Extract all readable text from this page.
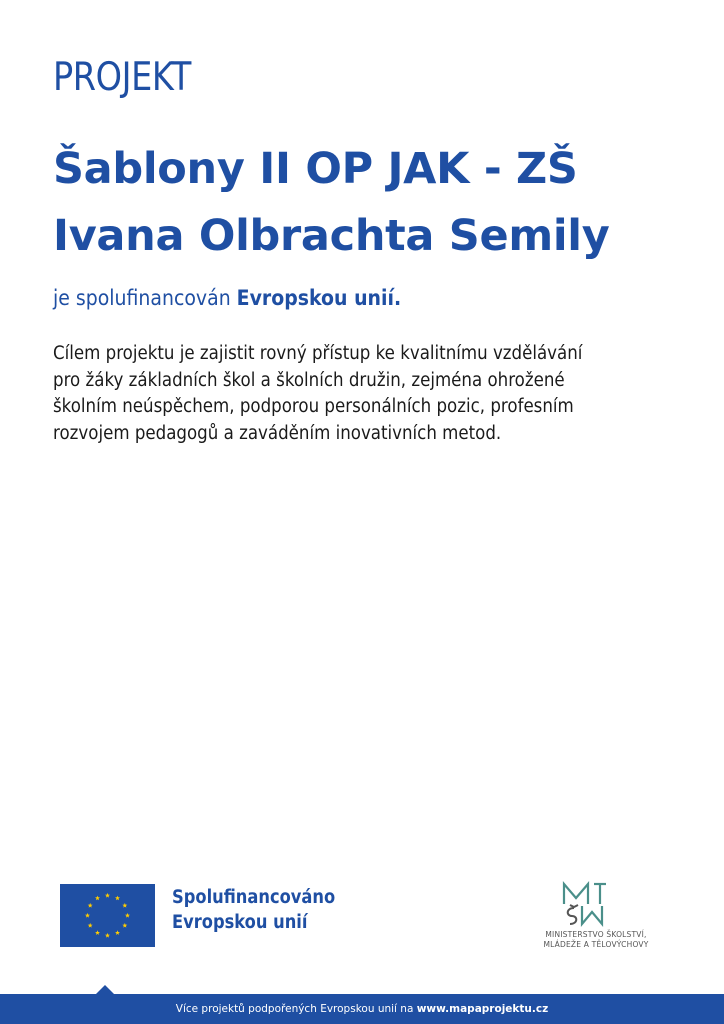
PROJEKT
Šablony II OP JAK - ZŠ
Ivana Olbrachta Semily
je spolufinancován Evropskou unií.
Cílem projektu je zajistit rovný přístup ke kvalitnímu vzdělávání
pro žáky základních škol a školních družin, zejména ohrožené
školním neúspěchem, podporou personálních pozic, profesním
rozvojem pedagogů a zaváděním inovativních metod.
Spolufinancováno
Evropskou unií
MINISTERSTVO ŠKOLSTVÍ,
MLÁDEŽE A TĚLOVÝCHOVY
Více projektů podpořených Evropskou unií na www.mapaprojektu.cz
